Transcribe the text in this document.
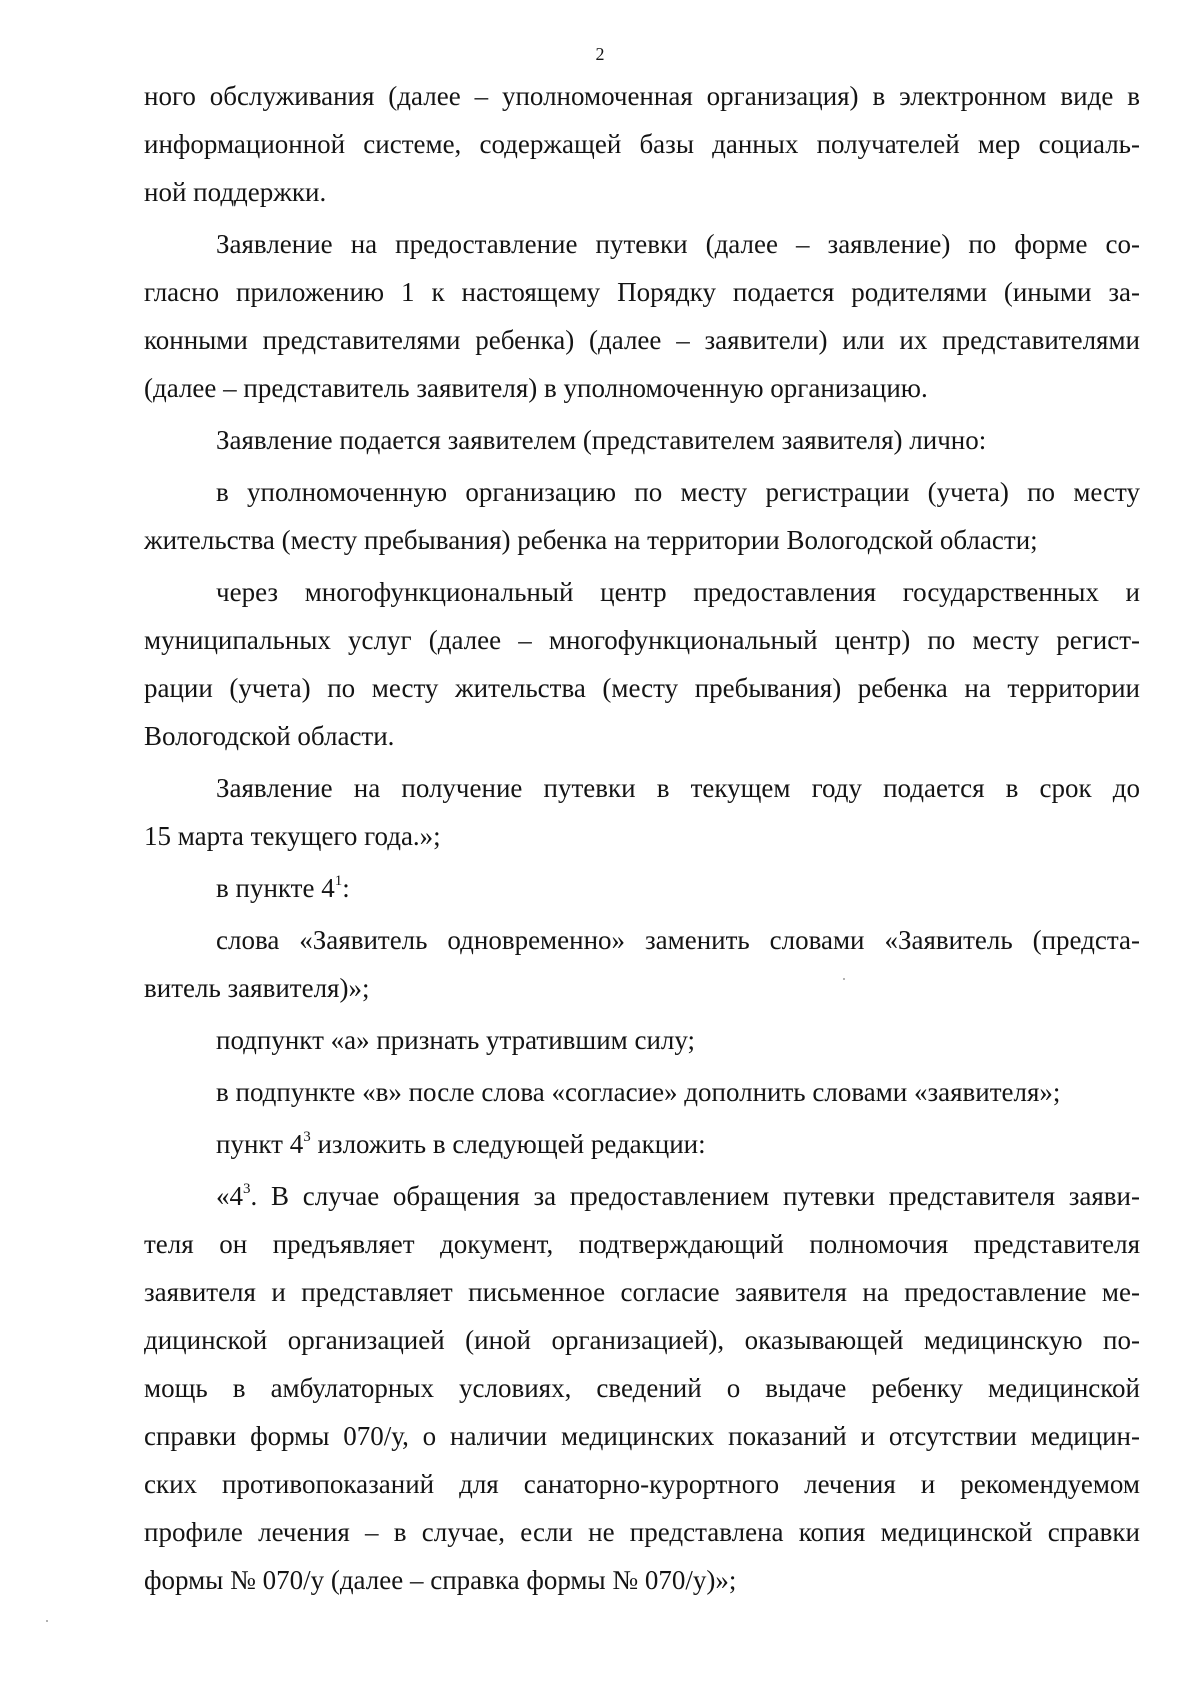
2
ного обслуживания (далее – уполномоченная организация) в электронном виде в
информационной системе, содержащей базы данных получателей мер социаль-
ной поддержки.
Заявление на предоставление путевки (далее – заявление) по форме со-
гласно приложению 1 к настоящему Порядку подается родителями (иными за-
конными представителями ребенка) (далее – заявители) или их представителями
(далее – представитель заявителя) в уполномоченную организацию.
Заявление подается заявителем (представителем заявителя) лично:
в уполномоченную организацию по месту регистрации (учета) по месту
жительства (месту пребывания) ребенка на территории Вологодской области;
через многофункциональный центр предоставления государственных и
муниципальных услуг (далее – многофункциональный центр) по месту регист-
рации (учета) по месту жительства (месту пребывания) ребенка на территории
Вологодской области.
Заявление на получение путевки в текущем году подается в срок до
15 марта текущего года.»;
в пункте $4^1$:
слова «Заявитель одновременно» заменить словами «Заявитель (предста-
витель заявителя)»;
подпункт «а» признать утратившим силу;
в подпункте «в» после слова «согласие» дополнить словами «заявителя»;
пункт $4^3$ изложить в следующей редакции:
«$4^3$. В случае обращения за предоставлением путевки представителя заяви-
теля он предъявляет документ, подтверждающий полномочия представителя
заявителя и представляет письменное согласие заявителя на предоставление ме-
дицинской организацией (иной организацией), оказывающей медицинскую по-
мощь в амбулаторных условиях, сведений о выдаче ребенку медицинской
справки формы 070/у, о наличии медицинских показаний и отсутствии медицин-
ских противопоказаний для санаторно-курортного лечения и рекомендуемом
профиле лечения – в случае, если не представлена копия медицинской справки
формы № 070/у (далее – справка формы № 070/у)»;
